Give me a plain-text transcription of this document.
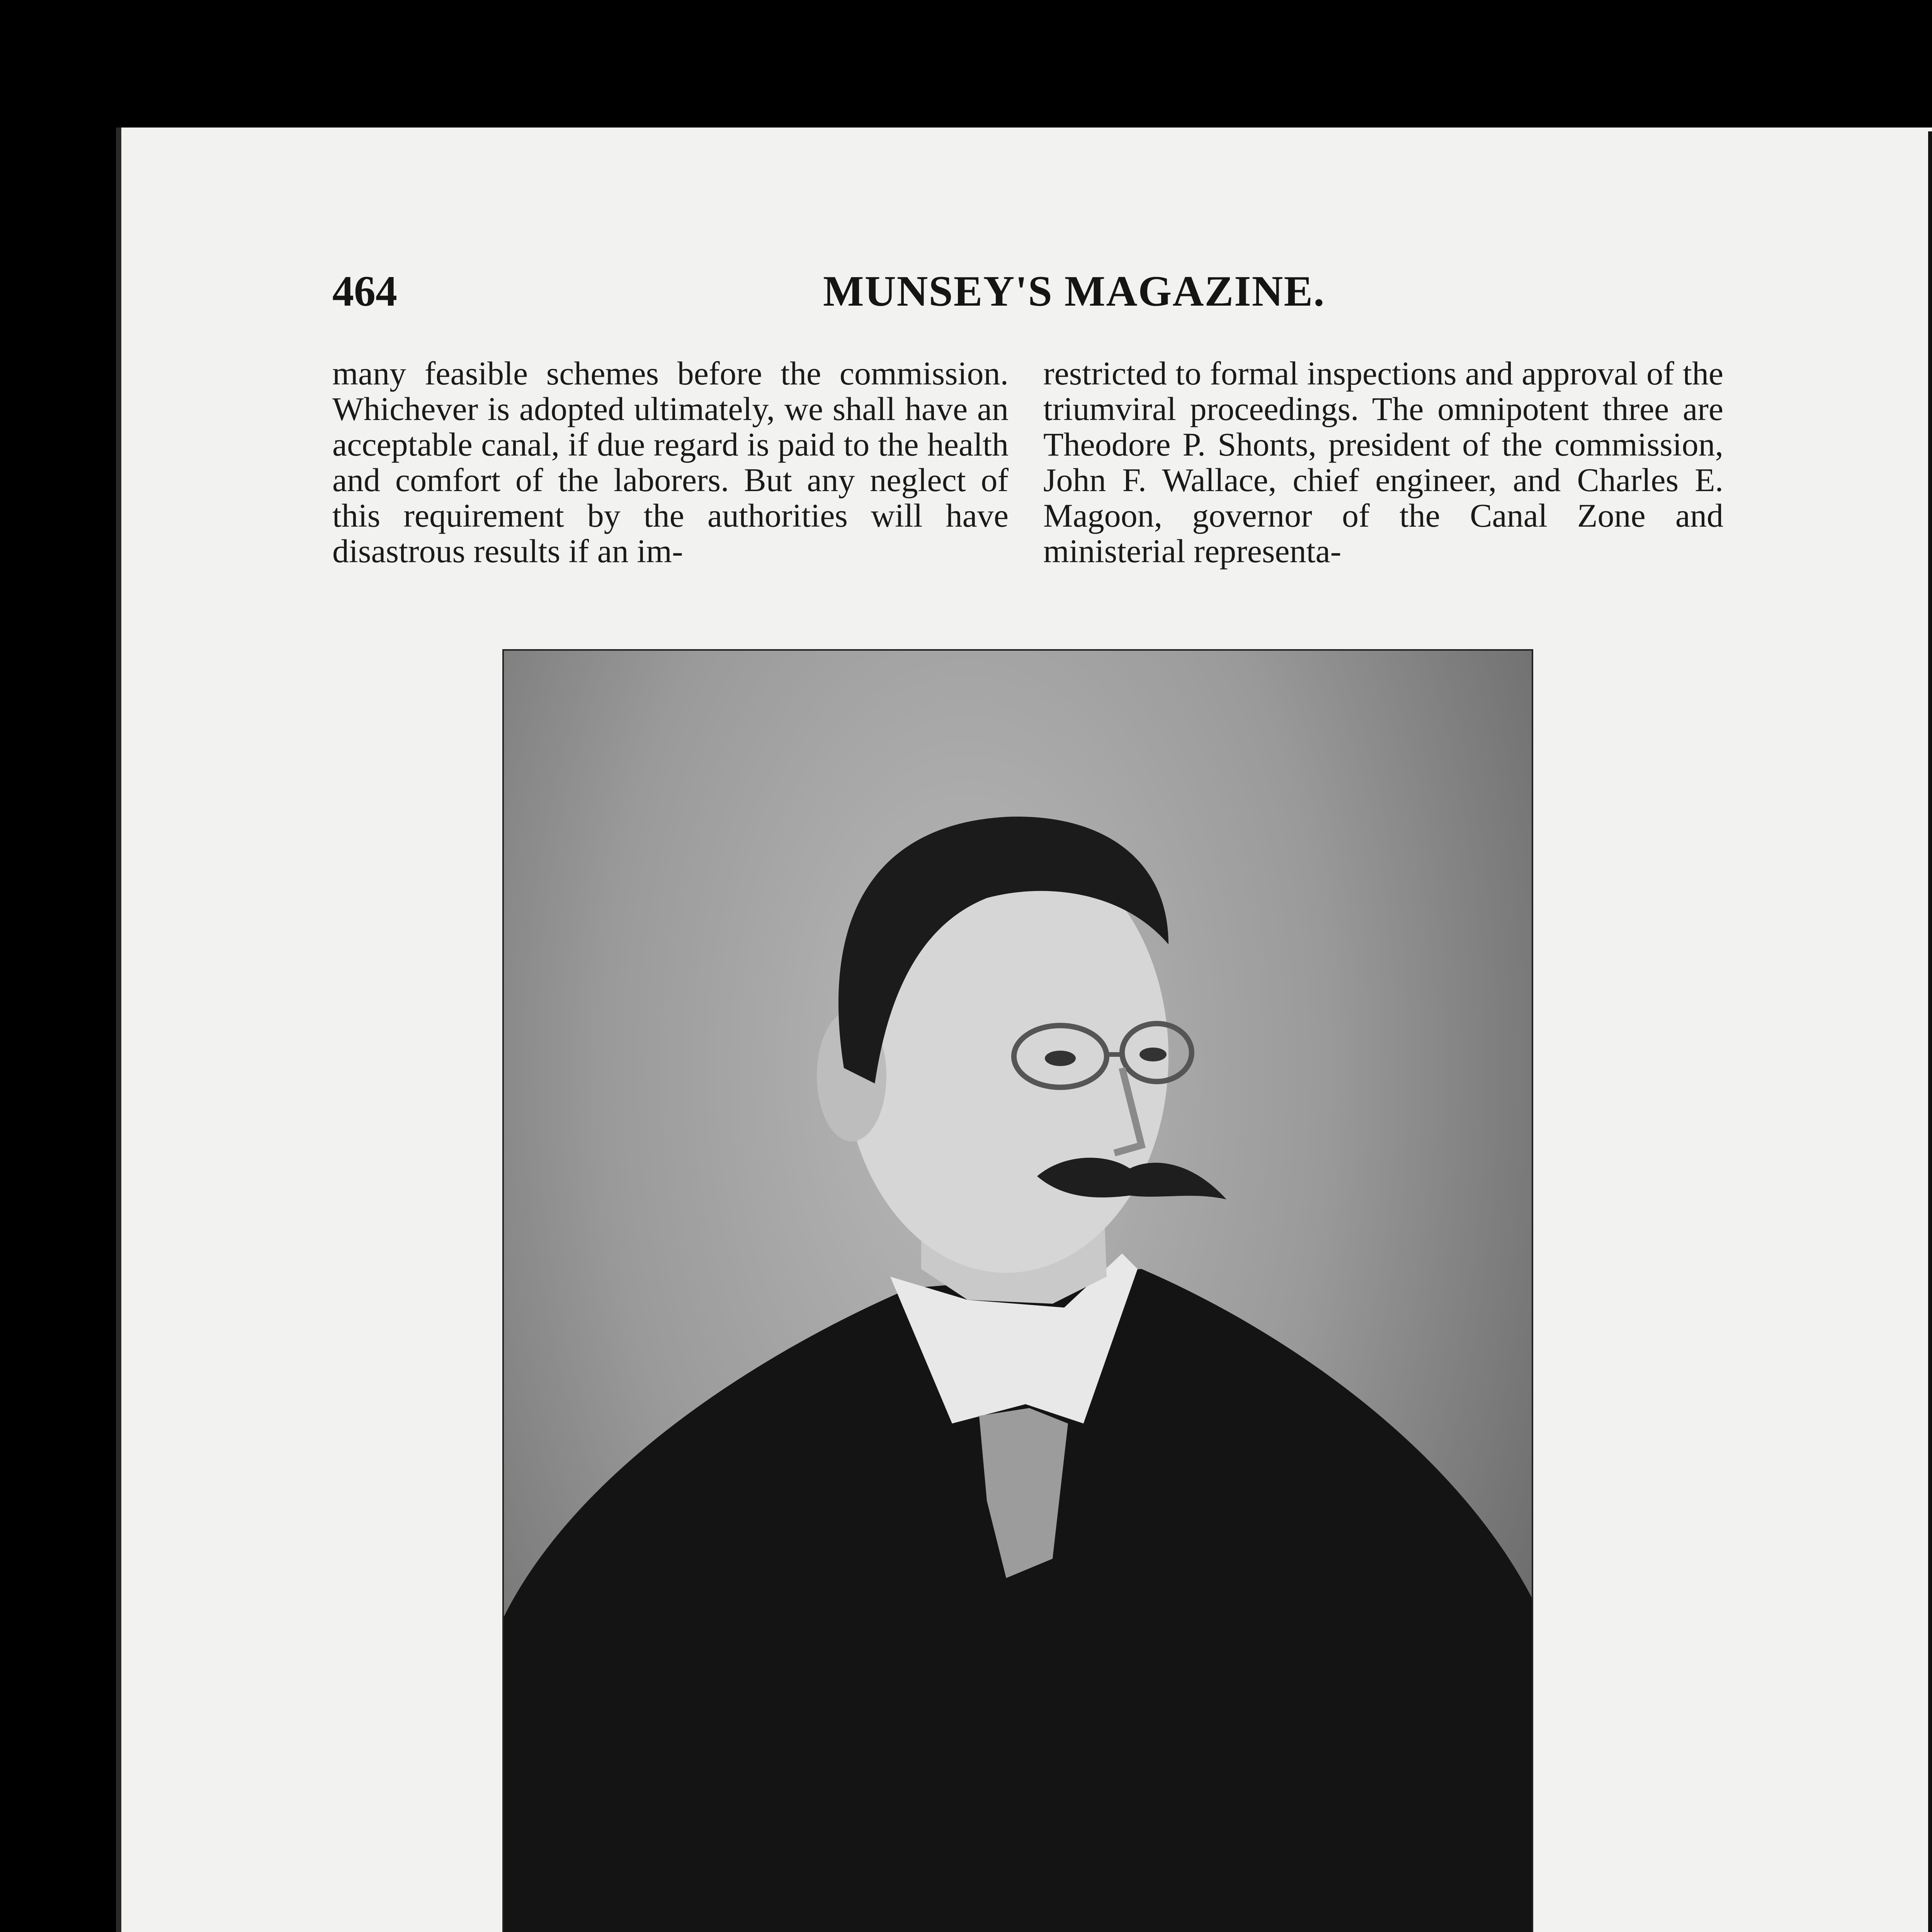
464	MUNSEY'S MAGAZINE.

many feasible schemes before the commission. Whichever is adopted ultimately, we shall have an acceptable canal, if due regard is paid to the health and comfort of the laborers. But any neglect of this requirement by the authorities will have disastrous results if an im-

restricted to formal inspections and approval of the triumviral proceedings. The omnipotent three are Theodore P. Shonts, president of the commission, John F. Wallace, chief engineer, and Charles E. Magoon, governor of the Canal Zone and ministerial representa-
